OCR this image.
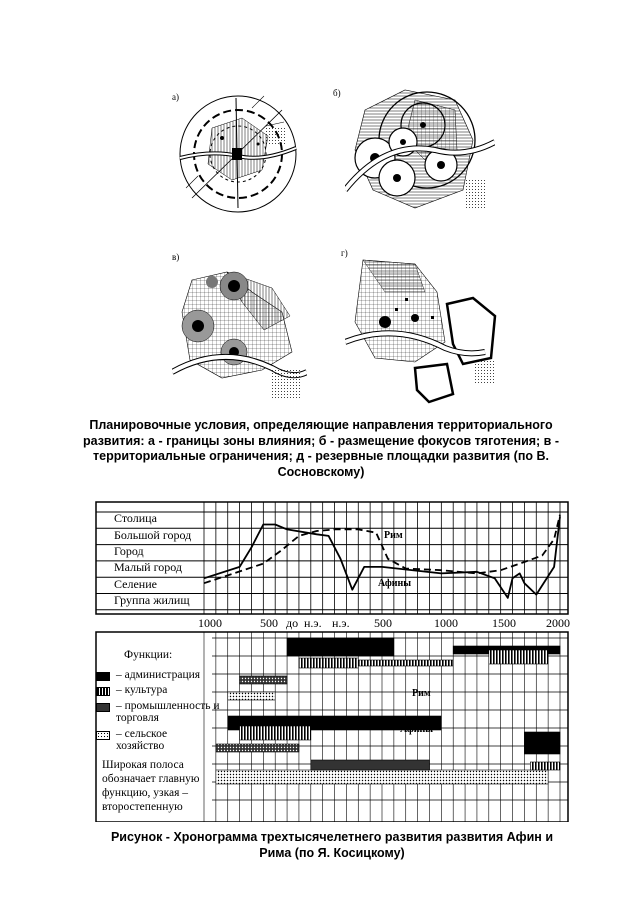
а)	б)
в)	г)
Планировочные условия, определяющие направления территориального развития: а - границы зоны влияния; б - размещение фокусов тяготения; в - территориальные ограничения; д - резервные площадки развития (по В. Сосновскому)
Столица
Большой город
Город
Малый город
Селение
Группа жилищ
1000	500 до н.э. н.э. 500	1000	1500	2000
Рим
Афины
Рим
Афины
Функции:
– администрация
– культура
– промышленность и торговля
– сельское хозяйство
Широкая полоса обозначает главную функцию, узкая – второстепенную
Рисунок - Хронограмма трехтысячелетнего развития развития Афин и Рима (по Я. Косицкому)
